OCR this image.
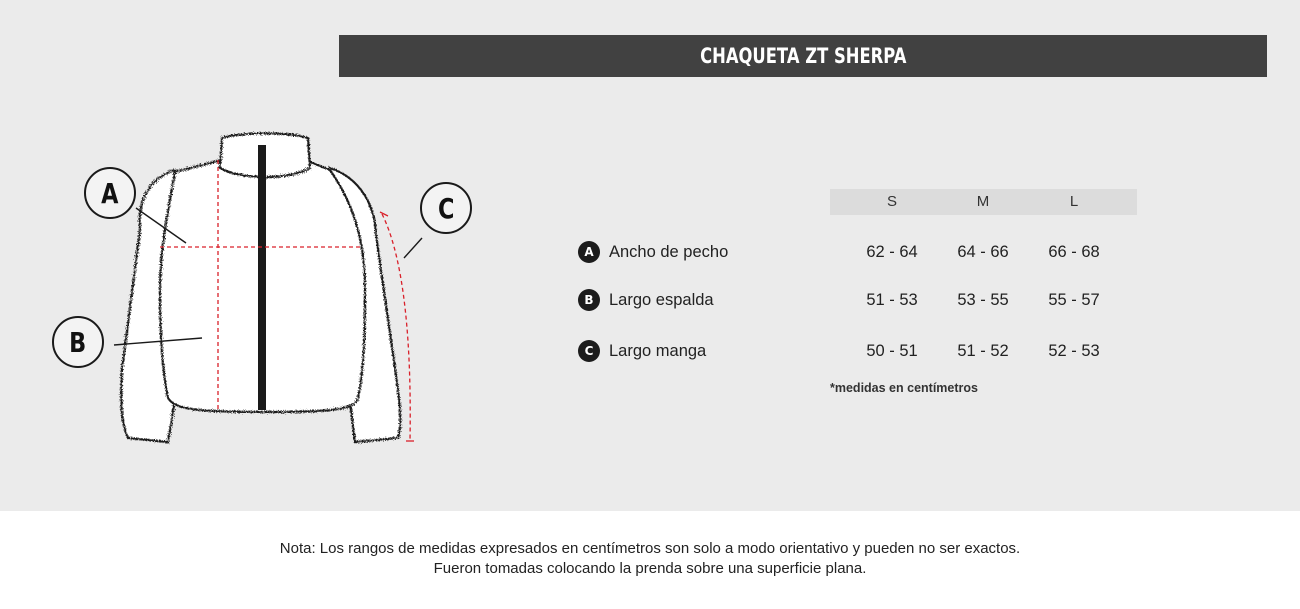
CHAQUETA ZT SHERPA
A
B
C	S	M	L
A Ancho de pecho	62 - 64	64 - 66	66 - 68
B Largo espalda	51 - 53	53 - 55	55 - 57
C Largo manga	50 - 51	51 - 52	52 - 53
*medidas en centímetros
Nota: Los rangos de medidas expresados en centímetros son solo a modo orientativo y pueden no ser exactos.
Fueron tomadas colocando la prenda sobre una superficie plana.
